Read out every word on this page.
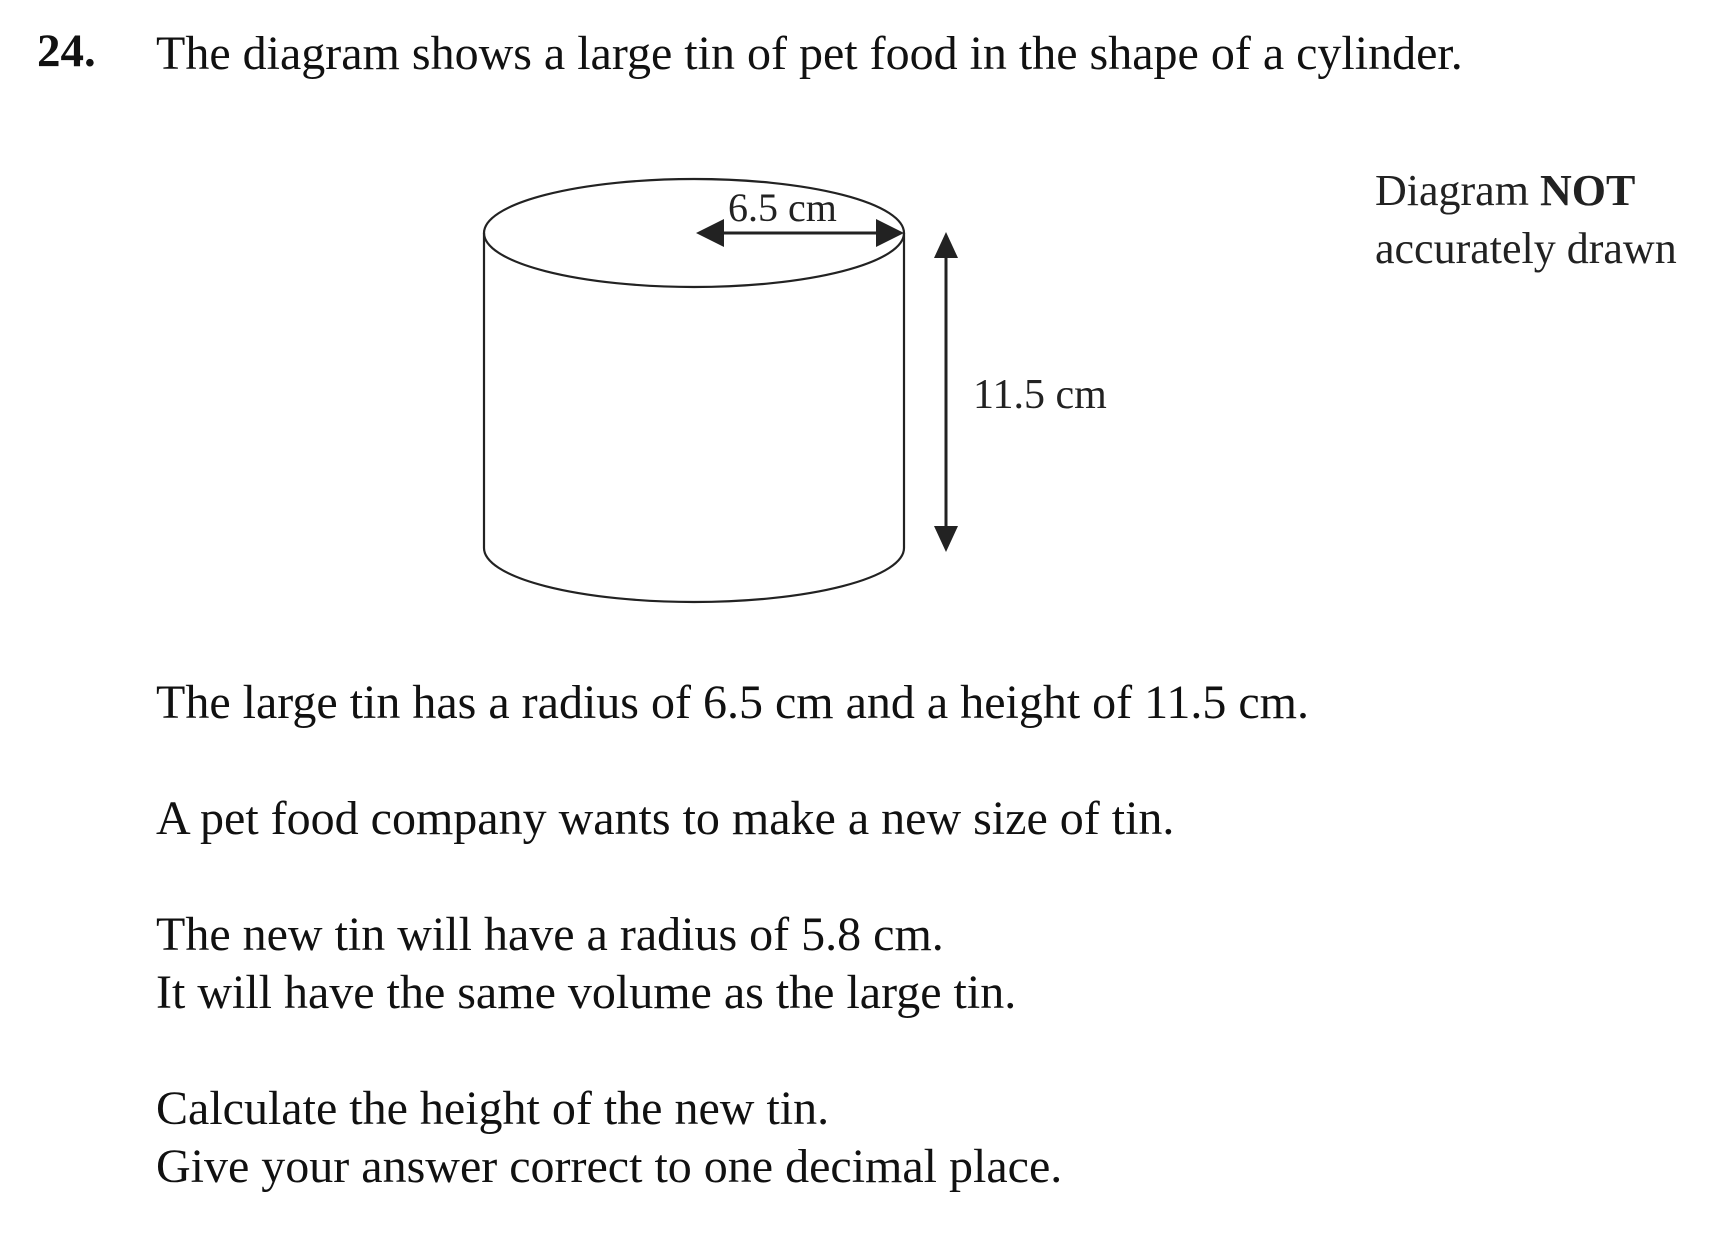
24. The diagram shows a large tin of pet food in the shape of a cylinder.
6.5 cm
11.5 cm
Diagram NOT
accurately drawn
The large tin has a radius of 6.5 cm and a height of 11.5 cm.
A pet food company wants to make a new size of tin.
The new tin will have a radius of 5.8 cm.
It will have the same volume as the large tin.
Calculate the height of the new tin.
Give your answer correct to one decimal place.
